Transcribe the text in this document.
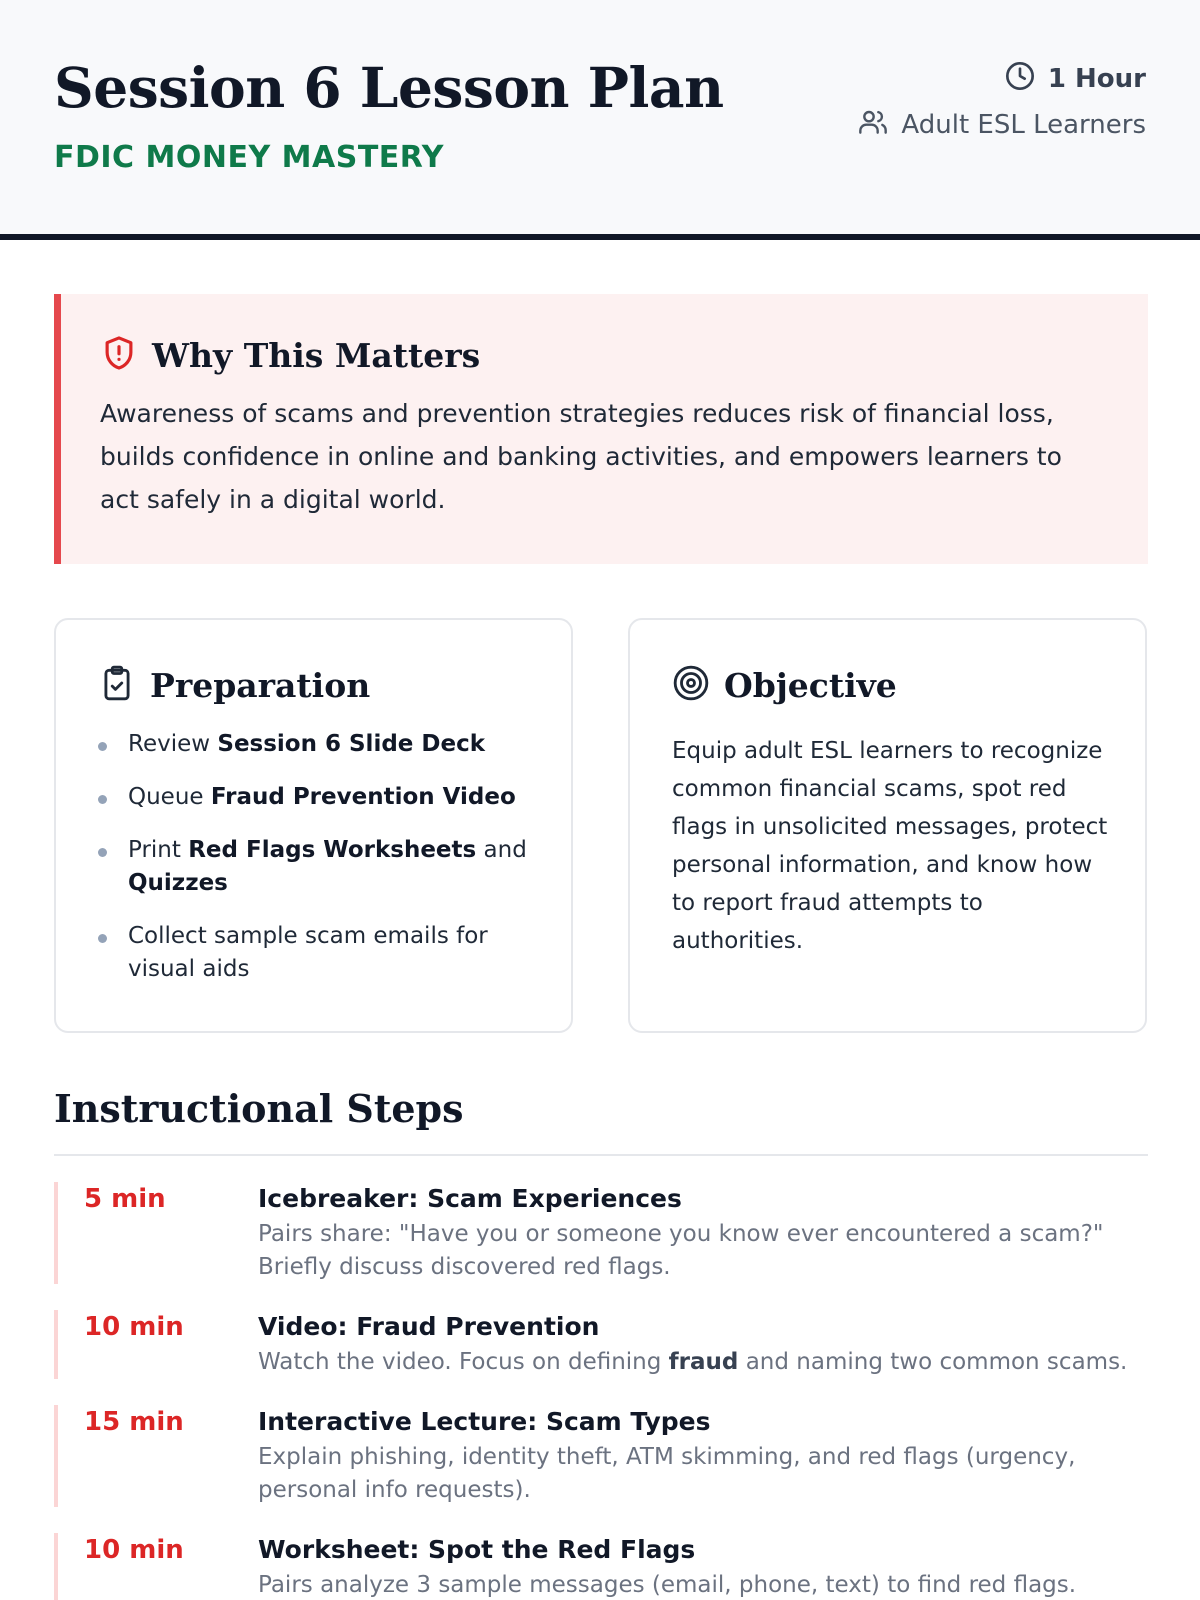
Session 6 Lesson Plan
FDIC MONEY MASTERY
1 Hour
Adult ESL Learners
Why This Matters

Awareness of scams and prevention strategies reduces risk of financial loss, builds confidence in online and banking activities, and empowers learners to act safely in a digital world.

Preparation
Review Session 6 Slide Deck
Queue Fraud Prevention Video
Print Red Flags Worksheets and Quizzes
Collect sample scam emails for visual aids
Objective

Equip adult ESL learners to recognize common financial scams, spot red flags in unsolicited messages, protect personal information, and know how to report fraud attempts to authorities.

Instructional Steps
5 min	Icebreaker: Scam Experiences
Pairs share: "Have you or someone you know ever encountered a scam?" Briefly discuss discovered red flags.
10 min	Video: Fraud Prevention
Watch the video. Focus on defining fraud and naming two common scams.
15 min	Interactive Lecture: Scam Types
Explain phishing, identity theft, ATM skimming, and red flags (urgency, personal info requests).
10 min	Worksheet: Spot the Red Flags
Pairs analyze 3 sample messages (email, phone, text) to find red flags.
